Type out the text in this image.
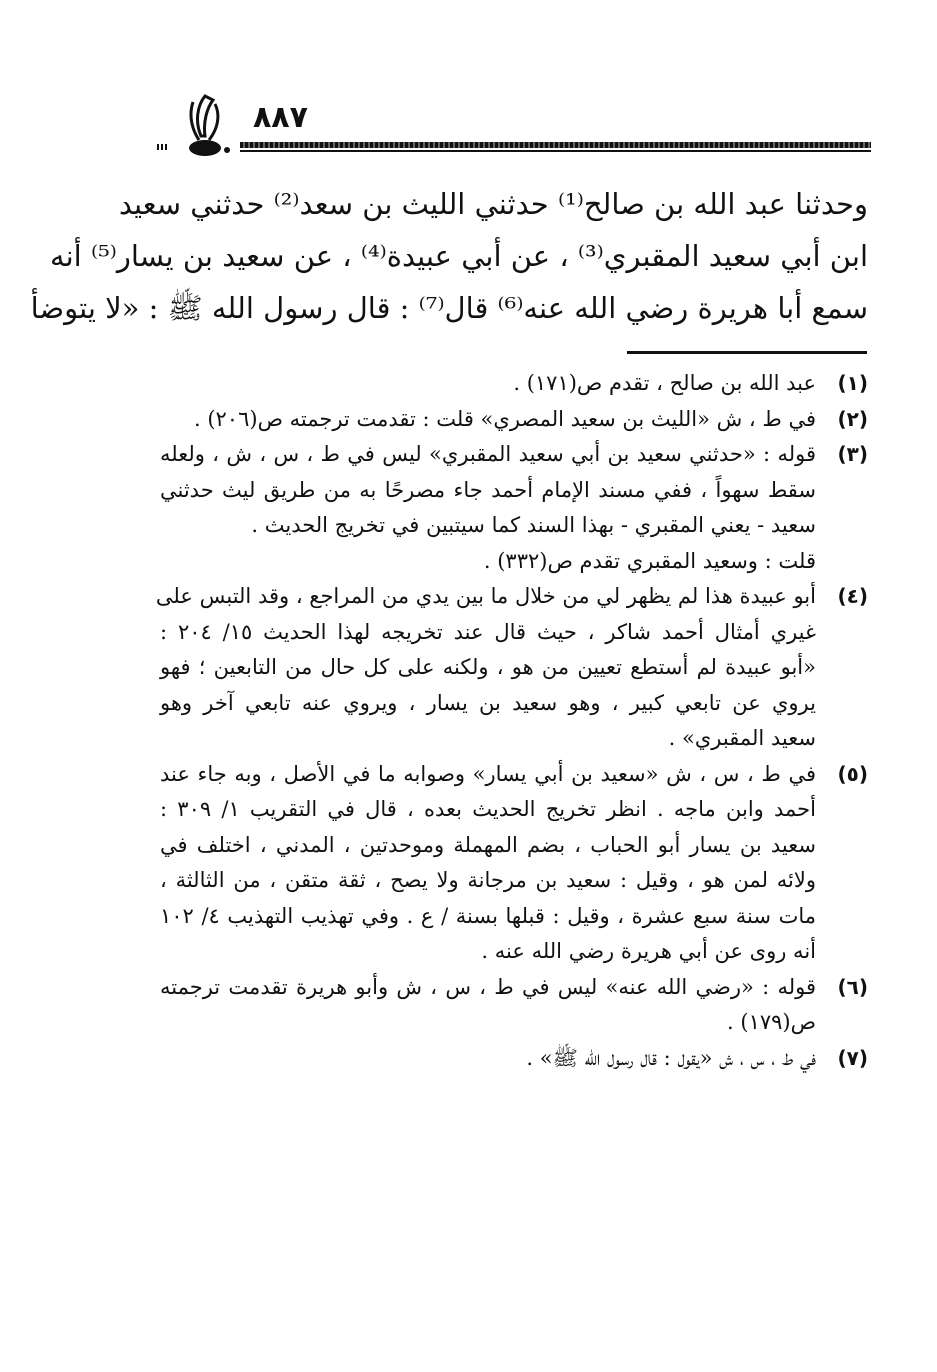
٨٨٧
وحدثنا عبد الله بن صالح⁽¹⁾ حدثني الليث بن سعد⁽²⁾ حدثني سعيد
ابن أبي سعيد المقبري⁽³⁾ ، عن أبي عبيدة⁽⁴⁾ ، عن سعيد بن يسار⁽⁵⁾ أنه
سمع أبا هريرة رضي الله عنه⁽⁶⁾ قال⁽⁷⁾ : قال رسول الله ﷺ : «لا يتوضأ
(١)
عبد الله بن صالح ، تقدم ص(١٧١) .
(٢)
في ط ، ش «الليث بن سعيد المصري» قلت : تقدمت ترجمته ص(٢٠٦) .
(٣)
قوله : «حدثني سعيد بن أبي سعيد المقبري» ليس في ط ، س ، ش ، ولعله
سقط سهواً ، ففي مسند الإمام أحمد جاء مصرحًا به من طريق ليث حدثني
سعيد - يعني المقبري - بهذا السند كما سيتبين في تخريج الحديث .
قلت : وسعيد المقبري تقدم ص(٣٣٢) .
(٤)
أبو عبيدة هذا لم يظهر لي من خلال ما بين يدي من المراجع ، وقد التبس على
غيري أمثال أحمد شاكر ، حيث قال عند تخريجه لهذا الحديث ١٥/ ٢٠٤ :
«أبو عبيدة لم أستطع تعيين من هو ، ولكنه على كل حال من التابعين ؛ فهو
يروي عن تابعي كبير ، وهو سعيد بن يسار ، ويروي عنه تابعي آخر وهو
سعيد المقبري» .
(٥)
في ط ، س ، ش «سعيد بن أبي يسار» وصوابه ما في الأصل ، وبه جاء عند
أحمد وابن ماجه . انظر تخريج الحديث بعده ، قال في التقريب ١/ ٣٠٩ :
سعيد بن يسار أبو الحباب ، بضم المهملة وموحدتين ، المدني ، اختلف في
ولائه لمن هو ، وقيل : سعيد بن مرجانة ولا يصح ، ثقة متقن ، من الثالثة ،
مات سنة سبع عشرة ، وقيل : قبلها بسنة / ع . وفي تهذيب التهذيب ٤/ ١٠٢
أنه روى عن أبي هريرة رضي الله عنه .
(٦)
قوله : «رضي الله عنه» ليس في ط ، س ، ش وأبو هريرة تقدمت ترجمته
ص(١٧٩) .
(٧)
في ط ، س ، ش «يقول : قال رسول الله ﷺ» .
